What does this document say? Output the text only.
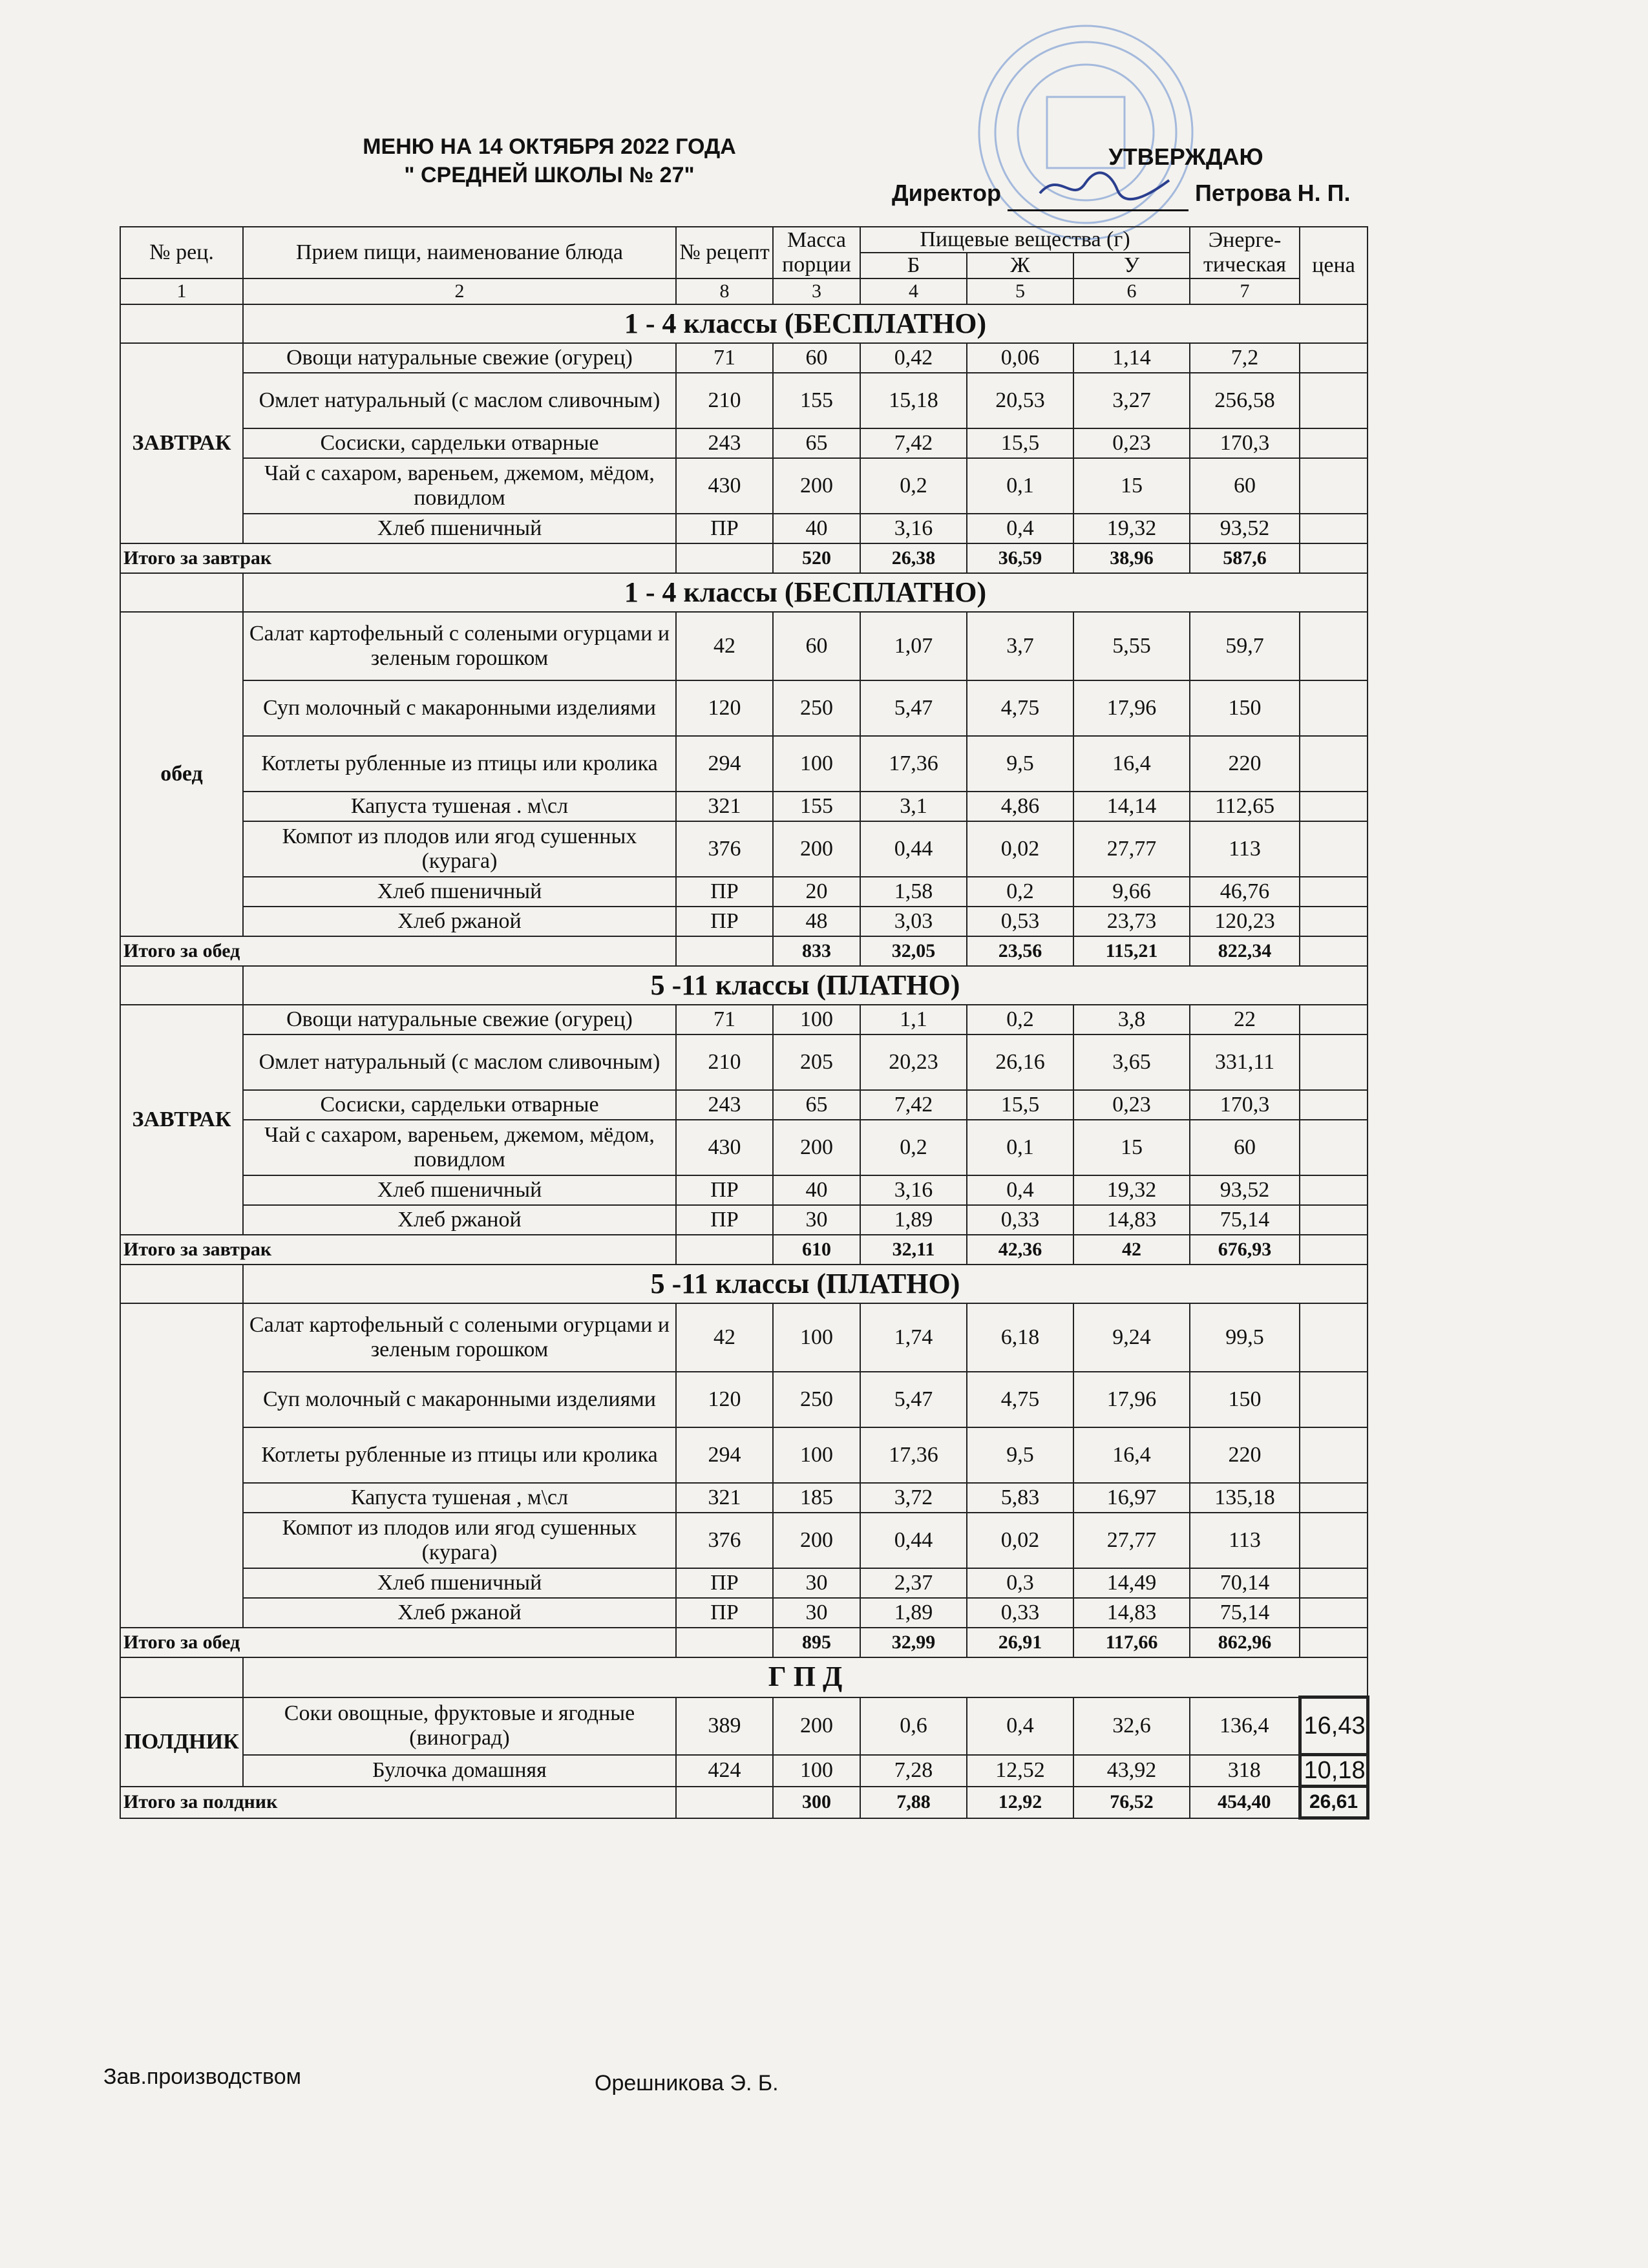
МЕНЮ НА 14 ОКТЯБРЯ 2022 ГОДА
" СРЕДНЕЙ ШКОЛЫ № 27"
УТВЕРЖДАЮ
Директор	Петрова Н. П.
№ рец.	Прием пищи, наименование блюда	№ рецепт	Масса порции	Пищевые вещества (г)			Энерге- тическая	цена
				Б	Ж	У		
1	2	8	3	4	5	6	7	
	1 - 4 классы (БЕСПЛАТНО)							
ЗАВТРАК	Овощи натуральные свежие (огурец)	71	60	0,42	0,06	1,14	7,2	
	Омлет натуральный (с маслом сливочным)	210	155	15,18	20,53	3,27	256,58	
	Сосиски, сардельки отварные	243	65	7,42	15,5	0,23	170,3	
	Чай с сахаром, вареньем, джемом, мёдом, повидлом	430	200	0,2	0,1	15	60	
	Хлеб пшеничный	ПР	40	3,16	0,4	19,32	93,52	
Итого за завтрак			520	26,38	36,59	38,96	587,6	
	1 - 4 классы (БЕСПЛАТНО)							
обед	Салат картофельный с солеными огурцами и зеленым горошком	42	60	1,07	3,7	5,55	59,7	
	Суп молочный с макаронными изделиями	120	250	5,47	4,75	17,96	150	
	Котлеты рубленные из птицы или кролика	294	100	17,36	9,5	16,4	220	
	Капуста тушеная . м\сл	321	155	3,1	4,86	14,14	112,65	
	Компот из плодов или ягод сушенных (курага)	376	200	0,44	0,02	27,77	113	
	Хлеб пшеничный	ПР	20	1,58	0,2	9,66	46,76	
	Хлеб ржаной	ПР	48	3,03	0,53	23,73	120,23	
Итого за обед			833	32,05	23,56	115,21	822,34	
	5 -11 классы (ПЛАТНО)							
ЗАВТРАК	Овощи натуральные свежие (огурец)	71	100	1,1	0,2	3,8	22	
	Омлет натуральный (с маслом сливочным)	210	205	20,23	26,16	3,65	331,11	
	Сосиски, сардельки отварные	243	65	7,42	15,5	0,23	170,3	
	Чай с сахаром, вареньем, джемом, мёдом, повидлом	430	200	0,2	0,1	15	60	
	Хлеб пшеничный	ПР	40	3,16	0,4	19,32	93,52	
	Хлеб ржаной	ПР	30	1,89	0,33	14,83	75,14	
Итого за завтрак			610	32,11	42,36	42	676,93	
	5 -11 классы (ПЛАТНО)							
	Салат картофельный с солеными огурцами и зеленым горошком	42	100	1,74	6,18	9,24	99,5	
	Суп молочный с макаронными изделиями	120	250	5,47	4,75	17,96	150	
	Котлеты рубленные из птицы или кролика	294	100	17,36	9,5	16,4	220	
	Капуста тушеная , м\сл	321	185	3,72	5,83	16,97	135,18	
	Компот из плодов или ягод сушенных (курага)	376	200	0,44	0,02	27,77	113	
	Хлеб пшеничный	ПР	30	2,37	0,3	14,49	70,14	
	Хлеб ржаной	ПР	30	1,89	0,33	14,83	75,14	
Итого за обед			895	32,99	26,91	117,66	862,96	
	Г П Д							
ПОЛДНИК	Соки овощные, фруктовые и ягодные (виноград)	389	200	0,6	0,4	32,6	136,4	16,43
	Булочка домашняя	424	100	7,28	12,52	43,92	318	10,18
Итого за полдник			300	7,88	12,92	76,52	454,40	26,61
Зав.производством	Орешникова Э. Б.
